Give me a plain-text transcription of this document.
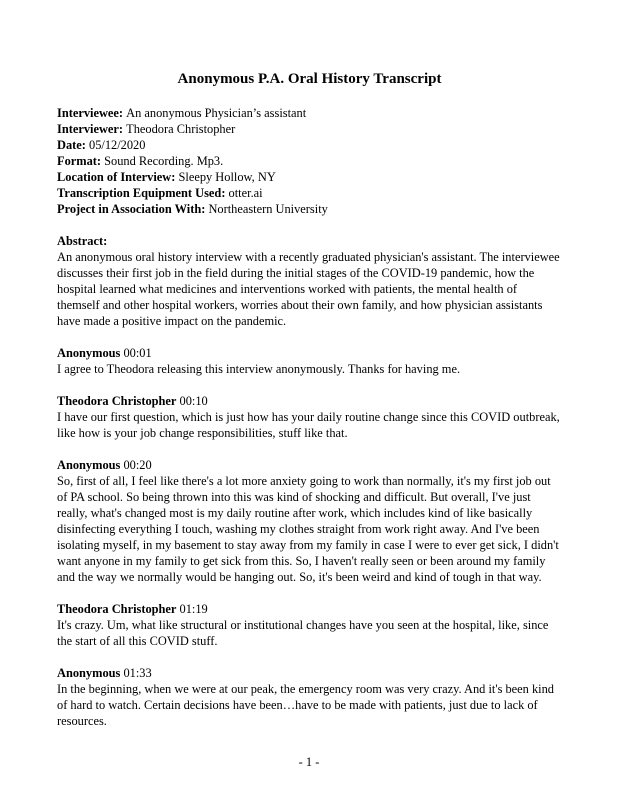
Anonymous P.A. Oral History Transcript

Interviewee: An anonymous Physician’s assistant

Interviewer: Theodora Christopher

Date: 05/12/2020

Format: Sound Recording. Mp3.

Location of Interview: Sleepy Hollow, NY

Transcription Equipment Used: otter.ai

Project in Association With: Northeastern University

Abstract:

An anonymous oral history interview with a recently graduated physician's assistant. The interviewee discusses their first job in the field during the initial stages of the COVID-19 pandemic, how the hospital learned what medicines and interventions worked with patients, the mental health of themself and other hospital workers, worries about their own family, and how physician assistants have made a positive impact on the pandemic.

Anonymous 00:01

I agree to Theodora releasing this interview anonymously. Thanks for having me.

Theodora Christopher 00:10

I have our first question, which is just how has your daily routine change since this COVID outbreak, like how is your job change responsibilities, stuff like that.

Anonymous 00:20

So, first of all, I feel like there's a lot more anxiety going to work than normally, it's my first job out of PA school. So being thrown into this was kind of shocking and difficult. But overall, I've just really, what's changed most is my daily routine after work, which includes kind of like basically disinfecting everything I touch, washing my clothes straight from work right away. And I've been isolating myself, in my basement to stay away from my family in case I were to ever get sick, I didn't want anyone in my family to get sick from this. So, I haven't really seen or been around my family and the way we normally would be hanging out. So, it's been weird and kind of tough in that way.

Theodora Christopher 01:19

It's crazy. Um, what like structural or institutional changes have you seen at the hospital, like, since the start of all this COVID stuff.

Anonymous 01:33

In the beginning, when we were at our peak, the emergency room was very crazy. And it's been kind of hard to watch. Certain decisions have been…have to be made with patients, just due to lack of resources.

- 1 -
